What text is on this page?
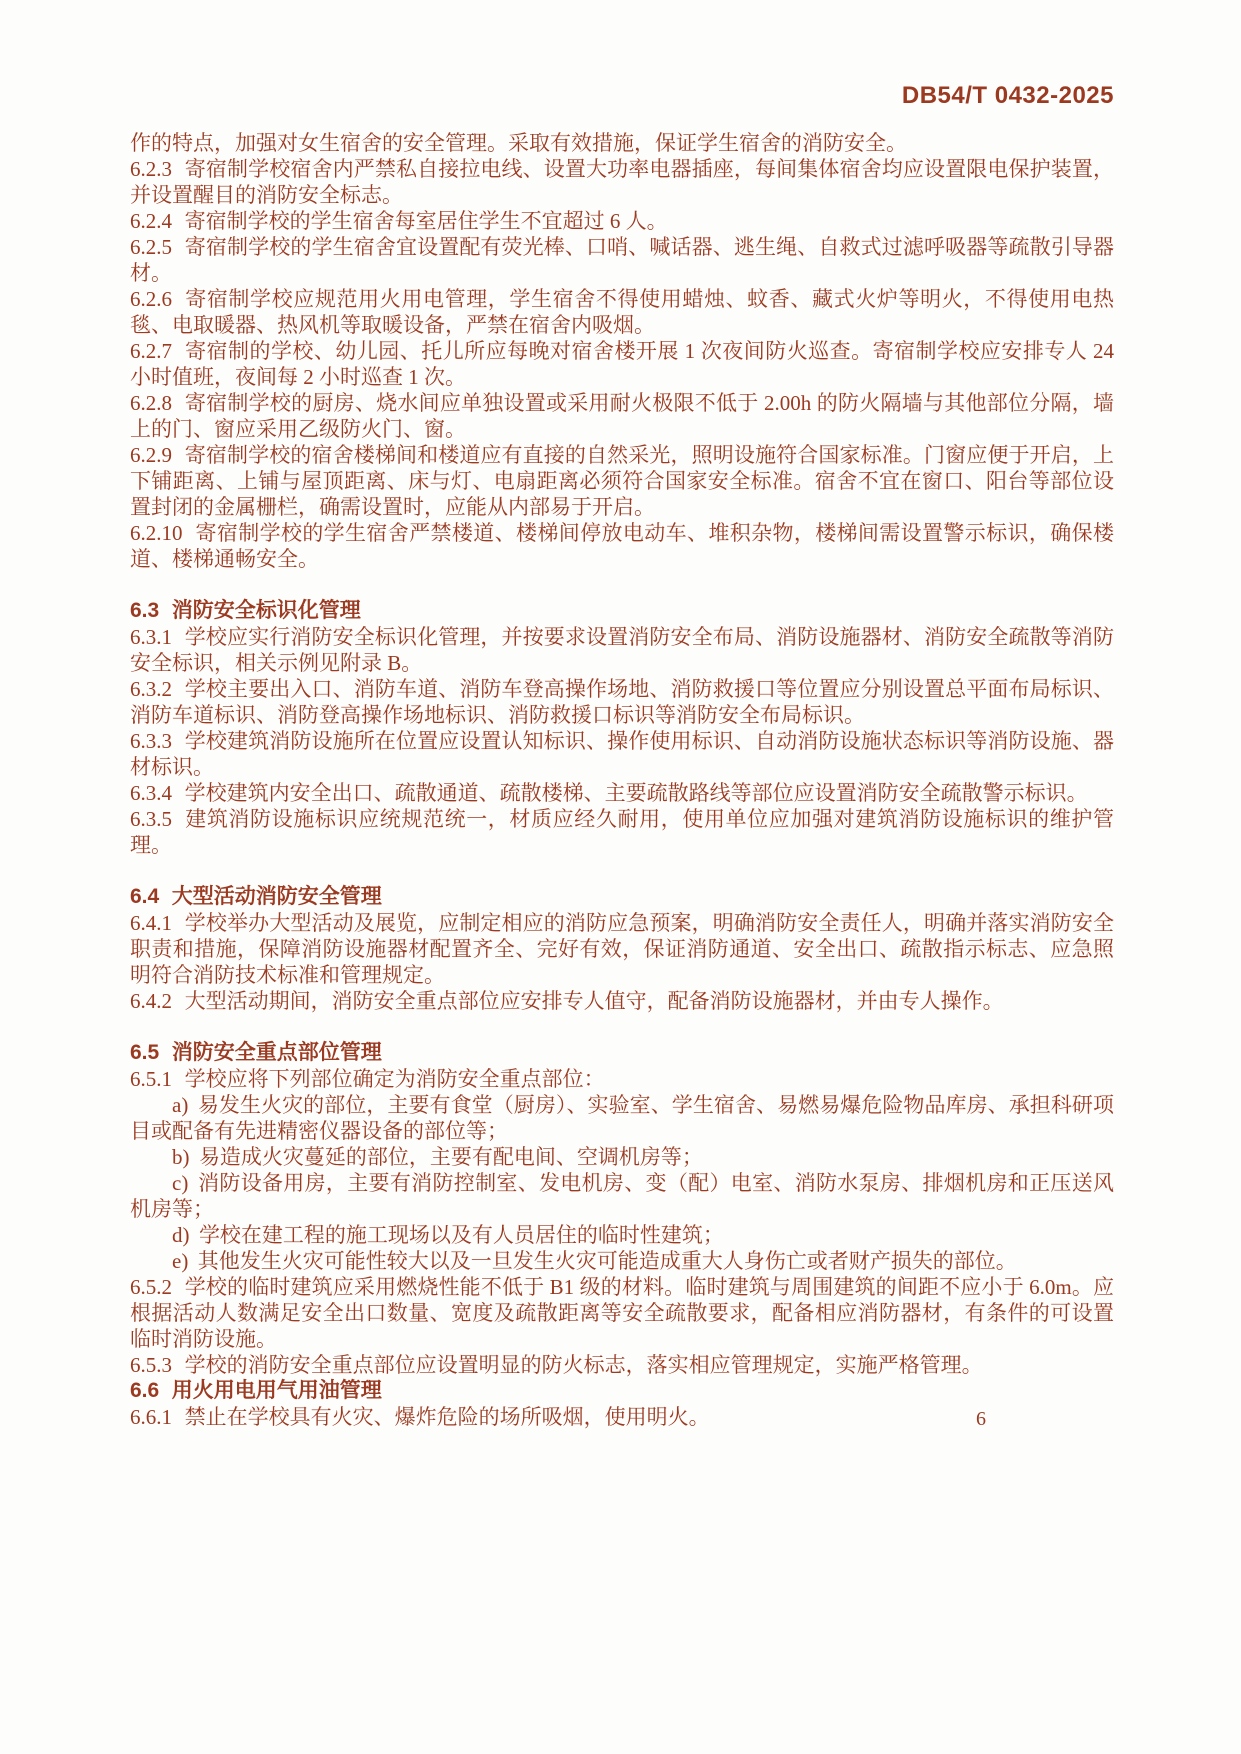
DB54/T 0432-2025

作的特点，加强对女生宿舍的安全管理。采取有效措施，保证学生宿舍的消防安全。

6.2.3 寄宿制学校宿舍内严禁私自接拉电线、设置大功率电器插座，每间集体宿舍均应设置限电保护装置，并设置醒目的消防安全标志。

6.2.4 寄宿制学校的学生宿舍每室居住学生不宜超过 6 人。

6.2.5 寄宿制学校的学生宿舍宜设置配有荧光棒、口哨、喊话器、逃生绳、自救式过滤呼吸器等疏散引导器材。

6.2.6 寄宿制学校应规范用火用电管理，学生宿舍不得使用蜡烛、蚊香、藏式火炉等明火，不得使用电热毯、电取暖器、热风机等取暖设备，严禁在宿舍内吸烟。

6.2.7 寄宿制的学校、幼儿园、托儿所应每晚对宿舍楼开展 1 次夜间防火巡查。寄宿制学校应安排专人 24 小时值班，夜间每 2 小时巡查 1 次。

6.2.8 寄宿制学校的厨房、烧水间应单独设置或采用耐火极限不低于 2.00h 的防火隔墙与其他部位分隔，墙上的门、窗应采用乙级防火门、窗。

6.2.9 寄宿制学校的宿舍楼梯间和楼道应有直接的自然采光，照明设施符合国家标准。门窗应便于开启，上下铺距离、上铺与屋顶距离、床与灯、电扇距离必须符合国家安全标准。宿舍不宜在窗口、阳台等部位设置封闭的金属栅栏，确需设置时，应能从内部易于开启。

6.2.10 寄宿制学校的学生宿舍严禁楼道、楼梯间停放电动车、堆积杂物，楼梯间需设置警示标识，确保楼道、楼梯通畅安全。

6.3 消防安全标识化管理

6.3.1 学校应实行消防安全标识化管理，并按要求设置消防安全布局、消防设施器材、消防安全疏散等消防安全标识，相关示例见附录 B。

6.3.2 学校主要出入口、消防车道、消防车登高操作场地、消防救援口等位置应分别设置总平面布局标识、消防车道标识、消防登高操作场地标识、消防救援口标识等消防安全布局标识。

6.3.3 学校建筑消防设施所在位置应设置认知标识、操作使用标识、自动消防设施状态标识等消防设施、器材标识。

6.3.4 学校建筑内安全出口、疏散通道、疏散楼梯、主要疏散路线等部位应设置消防安全疏散警示标识。

6.3.5 建筑消防设施标识应统规范统一，材质应经久耐用，使用单位应加强对建筑消防设施标识的维护管理。

6.4 大型活动消防安全管理

6.4.1 学校举办大型活动及展览，应制定相应的消防应急预案，明确消防安全责任人，明确并落实消防安全职责和措施，保障消防设施器材配置齐全、完好有效，保证消防通道、安全出口、疏散指示标志、应急照明符合消防技术标准和管理规定。

6.4.2 大型活动期间，消防安全重点部位应安排专人值守，配备消防设施器材，并由专人操作。

6.5 消防安全重点部位管理

6.5.1 学校应将下列部位确定为消防安全重点部位：

a) 易发生火灾的部位，主要有食堂（厨房）、实验室、学生宿舍、易燃易爆危险物品库房、承担科研项目或配备有先进精密仪器设备的部位等；

b) 易造成火灾蔓延的部位，主要有配电间、空调机房等；

c) 消防设备用房，主要有消防控制室、发电机房、变（配）电室、消防水泵房、排烟机房和正压送风机房等；

d) 学校在建工程的施工现场以及有人员居住的临时性建筑；

e) 其他发生火灾可能性较大以及一旦发生火灾可能造成重大人身伤亡或者财产损失的部位。

6.5.2 学校的临时建筑应采用燃烧性能不低于 B1 级的材料。临时建筑与周围建筑的间距不应小于 6.0m。应根据活动人数满足安全出口数量、宽度及疏散距离等安全疏散要求，配备相应消防器材，有条件的可设置临时消防设施。

6.5.3 学校的消防安全重点部位应设置明显的防火标志，落实相应管理规定，实施严格管理。

6.6 用火用电用气用油管理

6.6.1 禁止在学校具有火灾、爆炸危险的场所吸烟，使用明火。	6
